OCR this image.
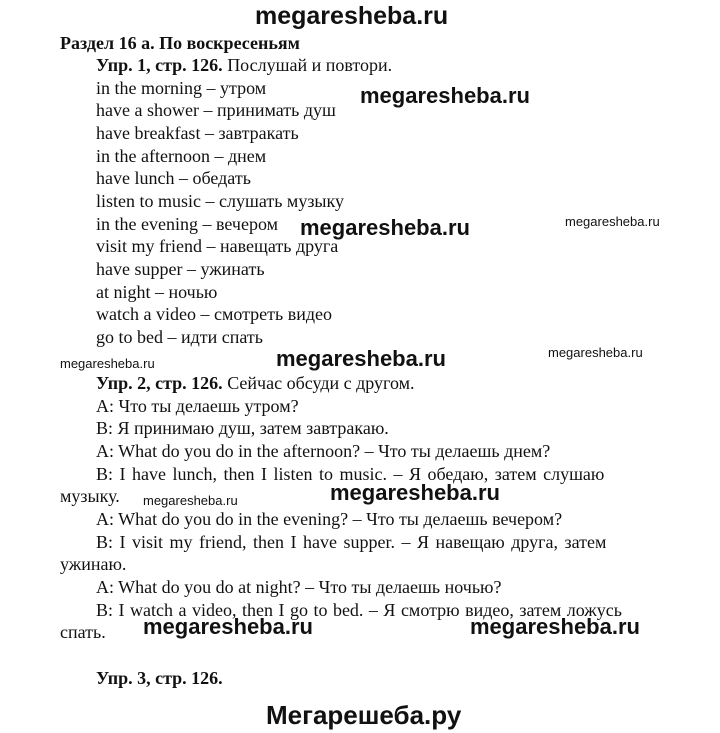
megaresheba.ru
Раздел 16 а. По воскресеньям
Упр. 1, стр. 126. Послушай и повтори.
in the morning – утром
have a shower – принимать душ
have breakfast – завтракать
in the afternoon – днем
have lunch – обедать
listen to music – слушать музыку
in the evening – вечером
visit my friend – навещать друга
have supper – ужинать
at night – ночью
watch a video – смотреть видео
go to bed – идти спать
Упр. 2, стр. 126. Сейчас обсуди с другом.
A: Что ты делаешь утром?
B: Я принимаю душ, затем завтракаю.
A: What do you do in the afternoon? – Что ты делаешь днем?
B: I have lunch, then I listen to music. – Я обедаю, затем слушаю
музыку.
A: What do you do in the evening? – Что ты делаешь вечером?
B: I visit my friend, then I have supper. – Я навещаю друга, затем
ужинаю.
A: What do you do at night? – Что ты делаешь ночью?
B: I watch a video, then I go to bed. – Я смотрю видео, затем ложусь
спать.
Упр. 3, стр. 126.
megaresheba.ru
megaresheba.ru	megaresheba.ru
megaresheba.ru	megaresheba.ru	megaresheba.ru
megaresheba.ru	megaresheba.ru
megaresheba.ru	megaresheba.ru
Мегарешеба.ру
